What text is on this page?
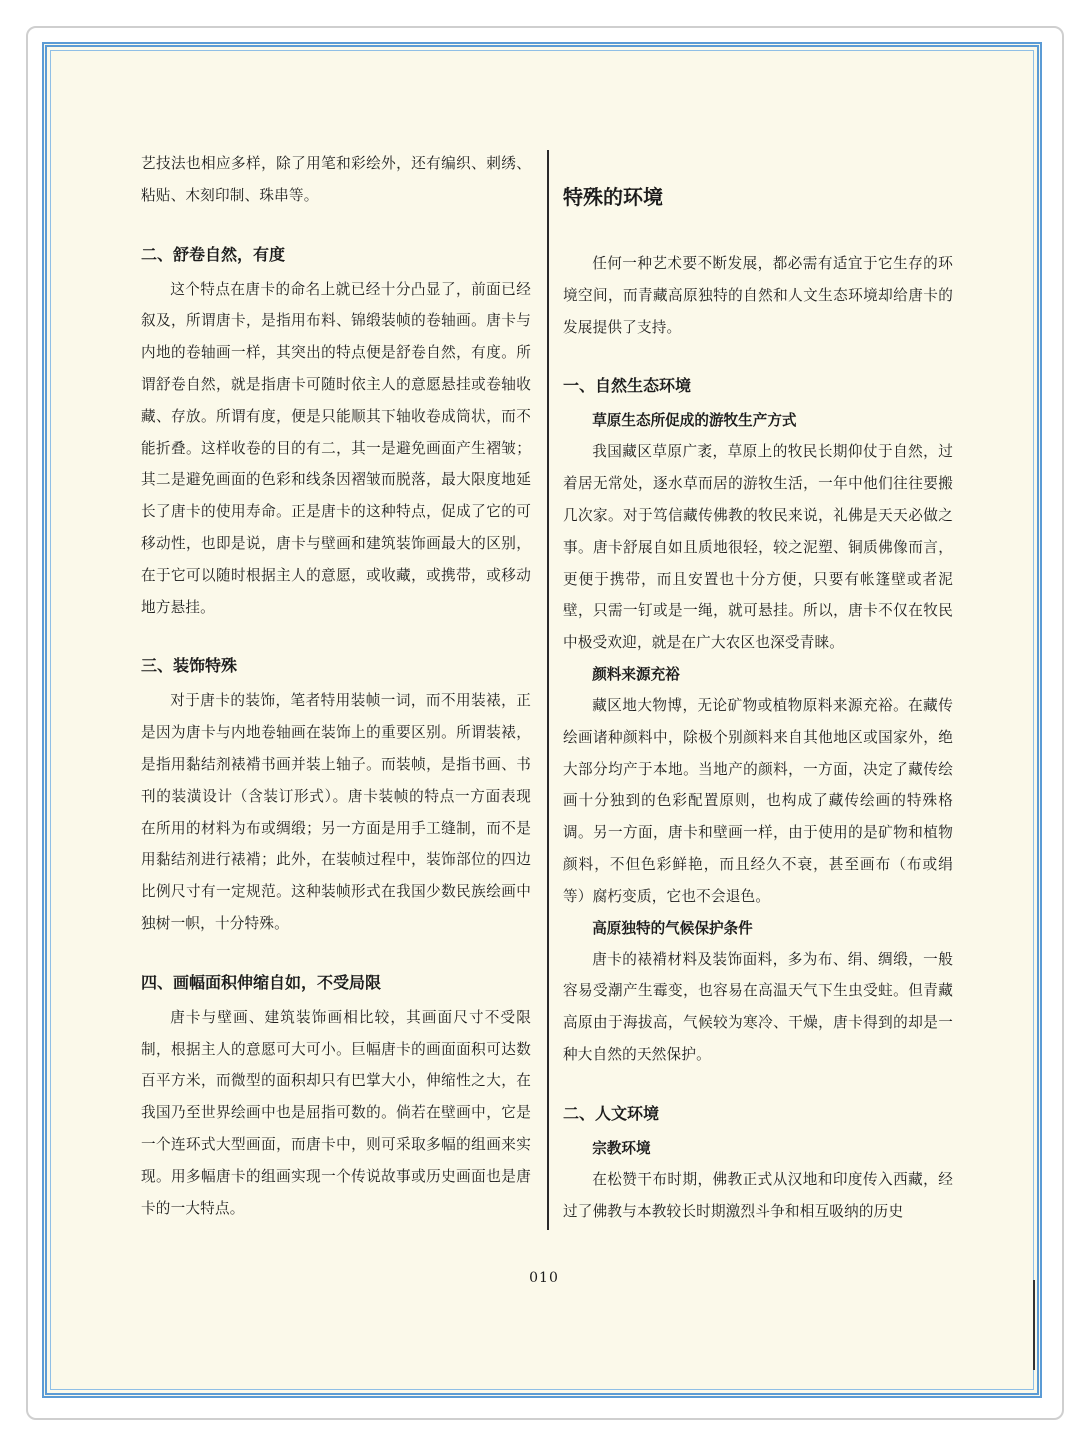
艺技法也相应多样，除了用笔和彩绘外，还有编织、刺绣、粘贴、木刻印制、珠串等。

二、舒卷自然，有度

这个特点在唐卡的命名上就已经十分凸显了，前面已经叙及，所谓唐卡，是指用布料、锦缎装帧的卷轴画。唐卡与内地的卷轴画一样，其突出的特点便是舒卷自然，有度。所谓舒卷自然，就是指唐卡可随时依主人的意愿悬挂或卷轴收藏、存放。所谓有度，便是只能顺其下轴收卷成筒状，而不能折叠。这样收卷的目的有二，其一是避免画面产生褶皱；其二是避免画面的色彩和线条因褶皱而脱落，最大限度地延长了唐卡的使用寿命。正是唐卡的这种特点，促成了它的可移动性，也即是说，唐卡与壁画和建筑装饰画最大的区别，在于它可以随时根据主人的意愿，或收藏，或携带，或移动地方悬挂。

三、装饰特殊

对于唐卡的装饰，笔者特用装帧一词，而不用装裱，正是因为唐卡与内地卷轴画在装饰上的重要区别。所谓装裱，是指用黏结剂裱褙书画并装上轴子。而装帧，是指书画、书刊的装潢设计（含装订形式）。唐卡装帧的特点一方面表现在所用的材料为布或绸缎；另一方面是用手工缝制，而不是用黏结剂进行裱褙；此外，在装帧过程中，装饰部位的四边比例尺寸有一定规范。这种装帧形式在我国少数民族绘画中独树一帜，十分特殊。

四、画幅面积伸缩自如，不受局限

唐卡与壁画、建筑装饰画相比较，其画面尺寸不受限制，根据主人的意愿可大可小。巨幅唐卡的画面面积可达数百平方米，而微型的面积却只有巴掌大小，伸缩性之大，在我国乃至世界绘画中也是屈指可数的。倘若在壁画中，它是一个连环式大型画面，而唐卡中，则可采取多幅的组画来实现。用多幅唐卡的组画实现一个传说故事或历史画面也是唐卡的一大特点。

特殊的环境

任何一种艺术要不断发展，都必需有适宜于它生存的环境空间，而青藏高原独特的自然和人文生态环境却给唐卡的发展提供了支持。

一、自然生态环境
草原生态所促成的游牧生产方式

我国藏区草原广袤，草原上的牧民长期仰仗于自然，过着居无常处，逐水草而居的游牧生活，一年中他们往往要搬几次家。对于笃信藏传佛教的牧民来说，礼佛是天天必做之事。唐卡舒展自如且质地很轻，较之泥塑、铜质佛像而言，更便于携带，而且安置也十分方便，只要有帐篷壁或者泥壁，只需一钉或是一绳，就可悬挂。所以，唐卡不仅在牧民中极受欢迎，就是在广大农区也深受青睐。

颜料来源充裕

藏区地大物博，无论矿物或植物原料来源充裕。在藏传绘画诸种颜料中，除极个别颜料来自其他地区或国家外，绝大部分均产于本地。当地产的颜料，一方面，决定了藏传绘画十分独到的色彩配置原则，也构成了藏传绘画的特殊格调。另一方面，唐卡和壁画一样，由于使用的是矿物和植物颜料，不但色彩鲜艳，而且经久不衰，甚至画布（布或绢等）腐朽变质，它也不会退色。

高原独特的气候保护条件

唐卡的裱褙材料及装饰面料，多为布、绢、绸缎，一般容易受潮产生霉变，也容易在高温天气下生虫受蛀。但青藏高原由于海拔高，气候较为寒冷、干燥，唐卡得到的却是一种大自然的天然保护。

二、人文环境
宗教环境

在松赞干布时期，佛教正式从汉地和印度传入西藏，经过了佛教与本教较长时期激烈斗争和相互吸纳的历史

010
